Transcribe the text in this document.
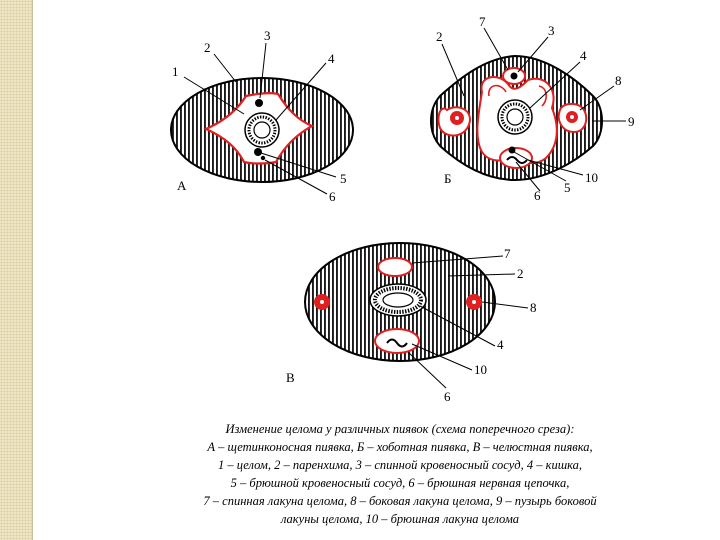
1
2
3
4
5
6
А
2
7
3
4
8
9
10
5
6
Б
7
2
8
4
10
6
В
Изменение целома у различных пиявок (схема поперечного среза):
А – щетинконосная пиявка, Б – хоботная пиявка, В – челюстная пиявка,
1 – целом, 2 – паренхима, 3 – спинной кровеносный сосуд, 4 – кишка,
5 – брюшной кровеносный сосуд, 6 – брюшная нервная цепочка,
7 – спинная лакуна целома, 8 – боковая лакуна целома, 9 – пузырь боковой
лакуны целома, 10 – брюшная лакуна целома
